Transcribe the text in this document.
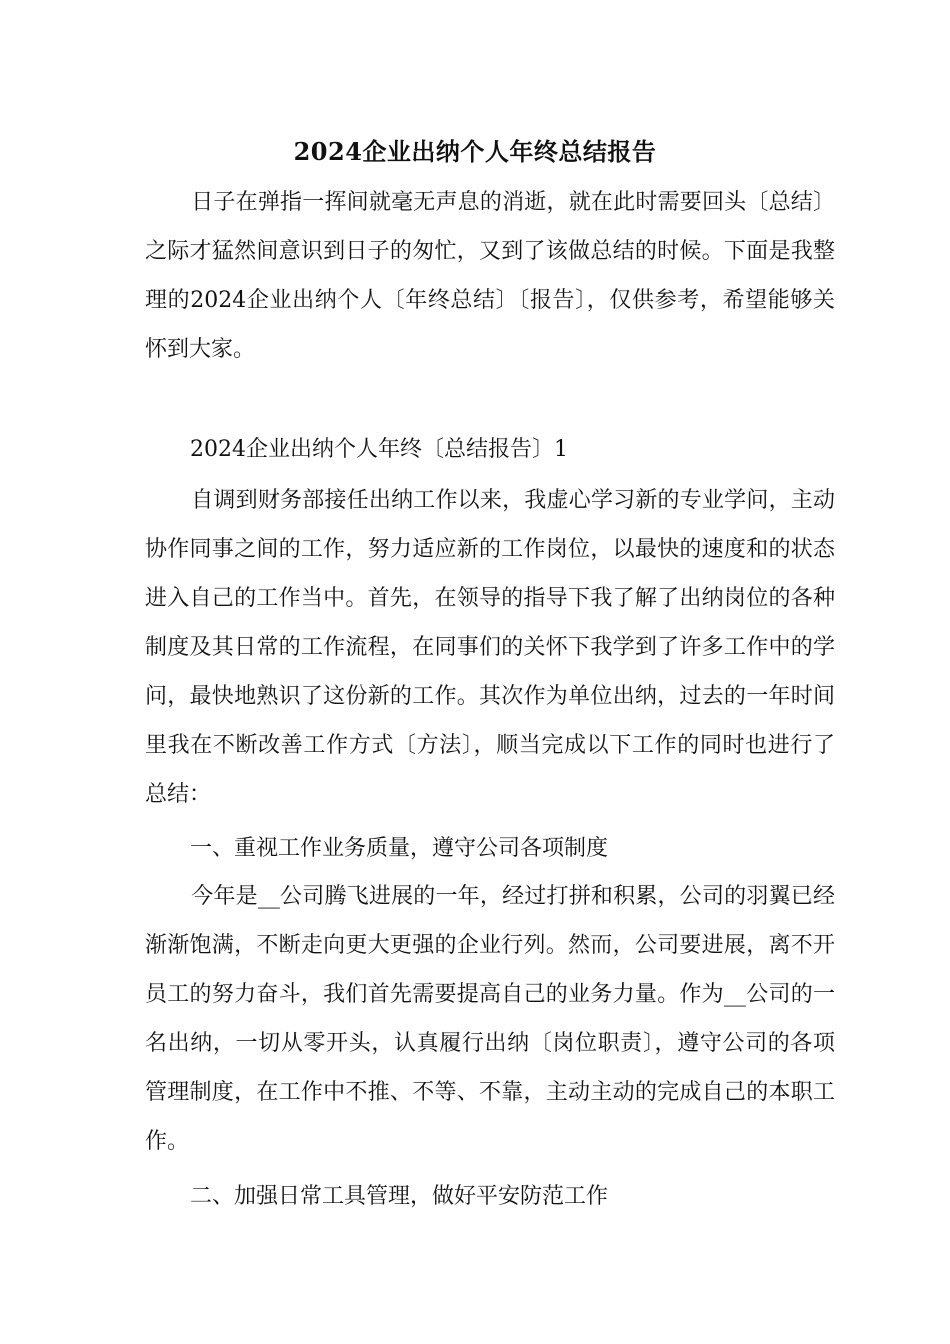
2024企业出纳个人年终总结报告
日子在弹指一挥间就毫无声息的消逝，就在此时需要回头〔总结〕之际才猛然间意识到日子的匆忙，又到了该做总结的时候。下面是我整理的2024企业出纳个人〔年终总结〕〔报告〕，仅供参考，希望能够关怀到大家。
2024企业出纳个人年终〔总结报告〕1
自调到财务部接任出纳工作以来，我虚心学习新的专业学问，主动协作同事之间的工作，努力适应新的工作岗位，以最快的速度和的状态进入自己的工作当中。首先，在领导的指导下我了解了出纳岗位的各种制度及其日常的工作流程，在同事们的关怀下我学到了许多工作中的学问，最快地熟识了这份新的工作。其次作为单位出纳，过去的一年时间里我在不断改善工作方式〔方法〕，顺当完成以下工作的同时也进行了总结：
一、重视工作业务质量，遵守公司各项制度
今年是__公司腾飞进展的一年，经过打拼和积累，公司的羽翼已经渐渐饱满，不断走向更大更强的企业行列。然而，公司要进展，离不开员工的努力奋斗，我们首先需要提高自己的业务力量。作为__公司的一名出纳，一切从零开头，认真履行出纳〔岗位职责〕，遵守公司的各项管理制度，在工作中不推、不等、不靠，主动主动的完成自己的本职工作。
二、加强日常工具管理，做好平安防范工作
